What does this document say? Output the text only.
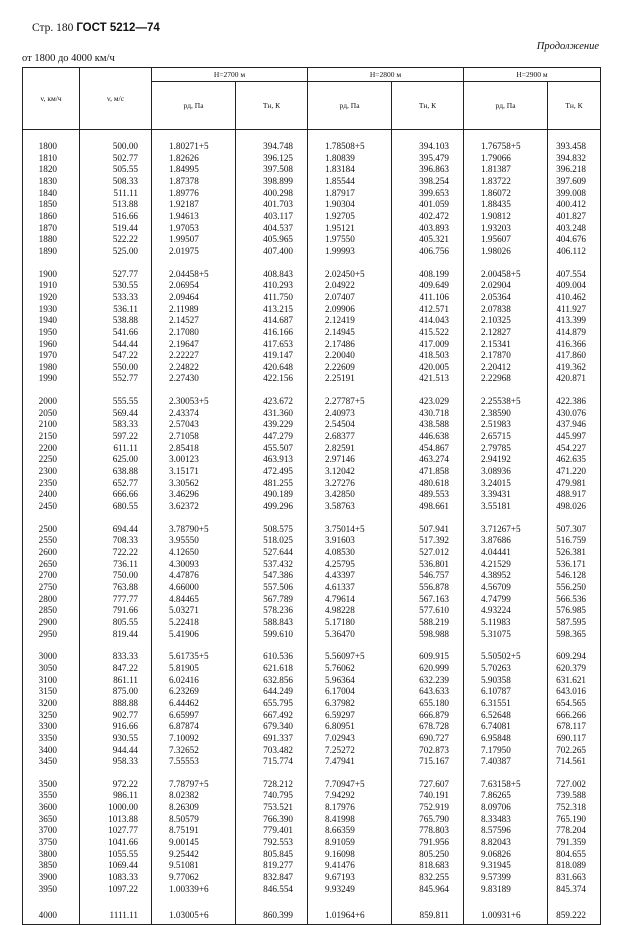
Стр. 180 ГОСТ 5212—74
Продолжение
от 1800 до 4000 км/ч
v, км/ч	v, м/с	H=2700 м		H=2800 м		H=2900 м	
		pд, Па	Tн, К	pд, Па	Tн, К	pд, Па	Tн, К

1800	500.00	1.80271+5	394.748	1.78508+5	394.103	1.76758+5	393.458
1810	502.77	1.82626	396.125	1.80839	395.479	1.79066	394.832
1820	505.55	1.84995	397.508	1.83184	396.863	1.81387	396.218
1830	508.33	1.87378	398.899	1.85544	398.254	1.83722	397.609
1840	511.11	1.89776	400.298	1.87917	399.653	1.86072	399.008
1850	513.88	1.92187	401.703	1.90304	401.059	1.88435	400.412
1860	516.66	1.94613	403.117	1.92705	402.472	1.90812	401.827
1870	519.44	1.97053	404.537	1.95121	403.893	1.93203	403.248
1880	522.22	1.99507	405.965	1.97550	405.321	1.95607	404.676
1890	525.00	2.01975	407.400	1.99993	406.756	1.98026	406.112

1900	527.77	2.04458+5	408.843	2.02450+5	408.199	2.00458+5	407.554
1910	530.55	2.06954	410.293	2.04922	409.649	2.02904	409.004
1920	533.33	2.09464	411.750	2.07407	411.106	2.05364	410.462
1930	536.11	2.11989	413.215	2.09906	412.571	2.07838	411.927
1940	538.88	2.14527	414.687	2.12419	414.043	2.10325	413.399
1950	541.66	2.17080	416.166	2.14945	415.522	2.12827	414.879
1960	544.44	2.19647	417.653	2.17486	417.009	2.15341	416.366
1970	547.22	2.22227	419.147	2.20040	418.503	2.17870	417.860
1980	550.00	2.24822	420.648	2.22609	420.005	2.20412	419.362
1990	552.77	2.27430	422.156	2.25191	421.513	2.22968	420.871

2000	555.55	2.30053+5	423.672	2.27787+5	423.029	2.25538+5	422.386
2050	569.44	2.43374	431.360	2.40973	430.718	2.38590	430.076
2100	583.33	2.57043	439.229	2.54504	438.588	2.51983	437.946
2150	597.22	2.71058	447.279	2.68377	446.638	2.65715	445.997
2200	611.11	2.85418	455.507	2.82591	454.867	2.79785	454.227
2250	625.00	3.00123	463.913	2.97146	463.274	2.94192	462.635
2300	638.88	3.15171	472.495	3.12042	471.858	3.08936	471.220
2350	652.77	3.30562	481.255	3.27276	480.618	3.24015	479.981
2400	666.66	3.46296	490.189	3.42850	489.553	3.39431	488.917
2450	680.55	3.62372	499.296	3.58763	498.661	3.55181	498.026

2500	694.44	3.78790+5	508.575	3.75014+5	507.941	3.71267+5	507.307
2550	708.33	3.95550	518.025	3.91603	517.392	3.87686	516.759
2600	722.22	4.12650	527.644	4.08530	527.012	4.04441	526.381
2650	736.11	4.30093	537.432	4.25795	536.801	4.21529	536.171
2700	750.00	4.47876	547.386	4.43397	546.757	4.38952	546.128
2750	763.88	4.66000	557.506	4.61337	556.878	4.56709	556.250
2800	777.77	4.84465	567.789	4.79614	567.163	4.74799	566.536
2850	791.66	5.03271	578.236	4.98228	577.610	4.93224	576.985
2900	805.55	5.22418	588.843	5.17180	588.219	5.11983	587.595
2950	819.44	5.41906	599.610	5.36470	598.988	5.31075	598.365

3000	833.33	5.61735+5	610.536	5.56097+5	609.915	5.50502+5	609.294
3050	847.22	5.81905	621.618	5.76062	620.999	5.70263	620.379
3100	861.11	6.02416	632.856	5.96364	632.239	5.90358	631.621
3150	875.00	6.23269	644.249	6.17004	643.633	6.10787	643.016
3200	888.88	6.44462	655.795	6.37982	655.180	6.31551	654.565
3250	902.77	6.65997	667.492	6.59297	666.879	6.52648	666.266
3300	916.66	6.87874	679.340	6.80951	678.728	6.74081	678.117
3350	930.55	7.10092	691.337	7.02943	690.727	6.95848	690.117
3400	944.44	7.32652	703.482	7.25272	702.873	7.17950	702.265
3450	958.33	7.55553	715.774	7.47941	715.167	7.40387	714.561

3500	972.22	7.78797+5	728.212	7.70947+5	727.607	7.63158+5	727.002
3550	986.11	8.02382	740.795	7.94292	740.191	7.86265	739.588
3600	1000.00	8.26309	753.521	8.17976	752.919	8.09706	752.318
3650	1013.88	8.50579	766.390	8.41998	765.790	8.33483	765.190
3700	1027.77	8.75191	779.401	8.66359	778.803	8.57596	778.204
3750	1041.66	9.00145	792.553	8.91059	791.956	8.82043	791.359
3800	1055.55	9.25442	805.845	9.16098	805.250	9.06826	804.655
3850	1069.44	9.51081	819.277	9.41476	818.683	9.31945	818.089
3900	1083.33	9.77062	832.847	9.67193	832.255	9.57399	831.663
3950	1097.22	1.00339+6	846.554	9.93249	845.964	9.83189	845.374

4000	1111.11	1.03005+6	860.399	1.01964+6	859.811	1.00931+6	859.222
